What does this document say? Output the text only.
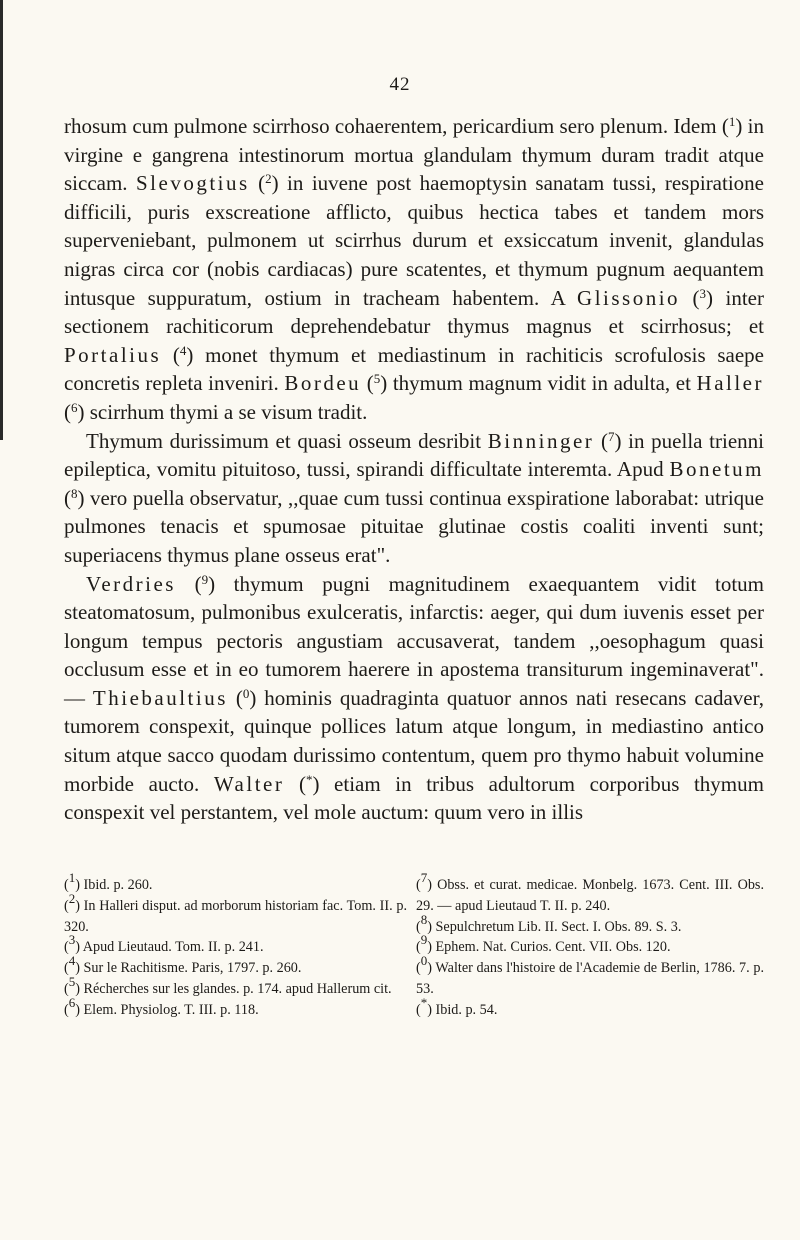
42

rhosum cum pulmone scirrhoso cohaerentem, pericardium sero plenum. Idem ($^1$) in virgine e gangrena intestinorum mortua glandulam thymum duram tradit atque siccam. Slevogtius ($^2$) in iuvene post haemoptysin sanatam tussi, respiratione difficili, puris exscreatione afflicto, quibus hectica tabes et tandem mors superveniebant, pulmonem ut scirrhus durum et exsiccatum invenit, glandulas nigras circa cor (nobis cardiacas) pure scatentes, et thymum pugnum aequantem intusque suppuratum, ostium in tracheam habentem. A Glissonio ($^3$) inter sectionem rachiticorum deprehendebatur thymus magnus et scirrhosus; et Portalius ($^4$) monet thymum et mediastinum in rachiticis scrofulosis saepe concretis repleta inveniri. Bordeu ($^5$) thymum magnum vidit in adulta, et Haller ($^6$) scirrhum thymi a se visum tradit.

Thymum durissimum et quasi osseum desribit Binninger ($^7$) in puella trienni epileptica, vomitu pituitoso, tussi, spirandi difficultate interemta. Apud Bonetum ($^8$) vero puella observatur, ,,quae cum tussi continua exspiratione laborabat: utrique pulmones tenacis et spumosae pituitae glutinae costis coaliti inventi sunt; superiacens thymus plane osseus erat".

Verdries ($^9$) thymum pugni magnitudinem exaequantem vidit totum steatomatosum, pulmonibus exulceratis, infarctis: aeger, qui dum iuvenis esset per longum tempus pectoris angustiam accusaverat, tandem ,,oesophagum quasi occlusum esse et in eo tumorem haerere in apostema transiturum ingeminaverat". — Thiebaultius ($^0$) hominis quadraginta quatuor annos nati resecans cadaver, tumorem conspexit, quinque pollices latum atque longum, in mediastino antico situm atque sacco quodam durissimo contentum, quem pro thymo habuit volumine morbide aucto. Walter (*) etiam in tribus adultorum corporibus thymum conspexit vel perstantem, vel mole auctum: quum vero in illis

($^1$) Ibid. p. 260.

($^2$) In Halleri disput. ad morborum historiam fac. Tom. II. p. 320.

($^3$) Apud Lieutaud. Tom. II. p. 241.

($^4$) Sur le Rachitisme. Paris, 1797. p. 260.

($^5$) Récherches sur les glandes. p. 174. apud Hallerum cit.

($^6$) Elem. Physiolog. T. III. p. 118.

($^7$) Obss. et curat. medicae. Monbelg. 1673. Cent. III. Obs. 29. — apud Lieutaud T. II. p. 240.

($^8$) Sepulchretum Lib. II. Sect. I. Obs. 89. S. 3.

($^9$) Ephem. Nat. Curios. Cent. VII. Obs. 120.

($^0$) Walter dans l'histoire de l'Academie de Berlin, 1786. 7. p. 53.

(*) Ibid. p. 54.
